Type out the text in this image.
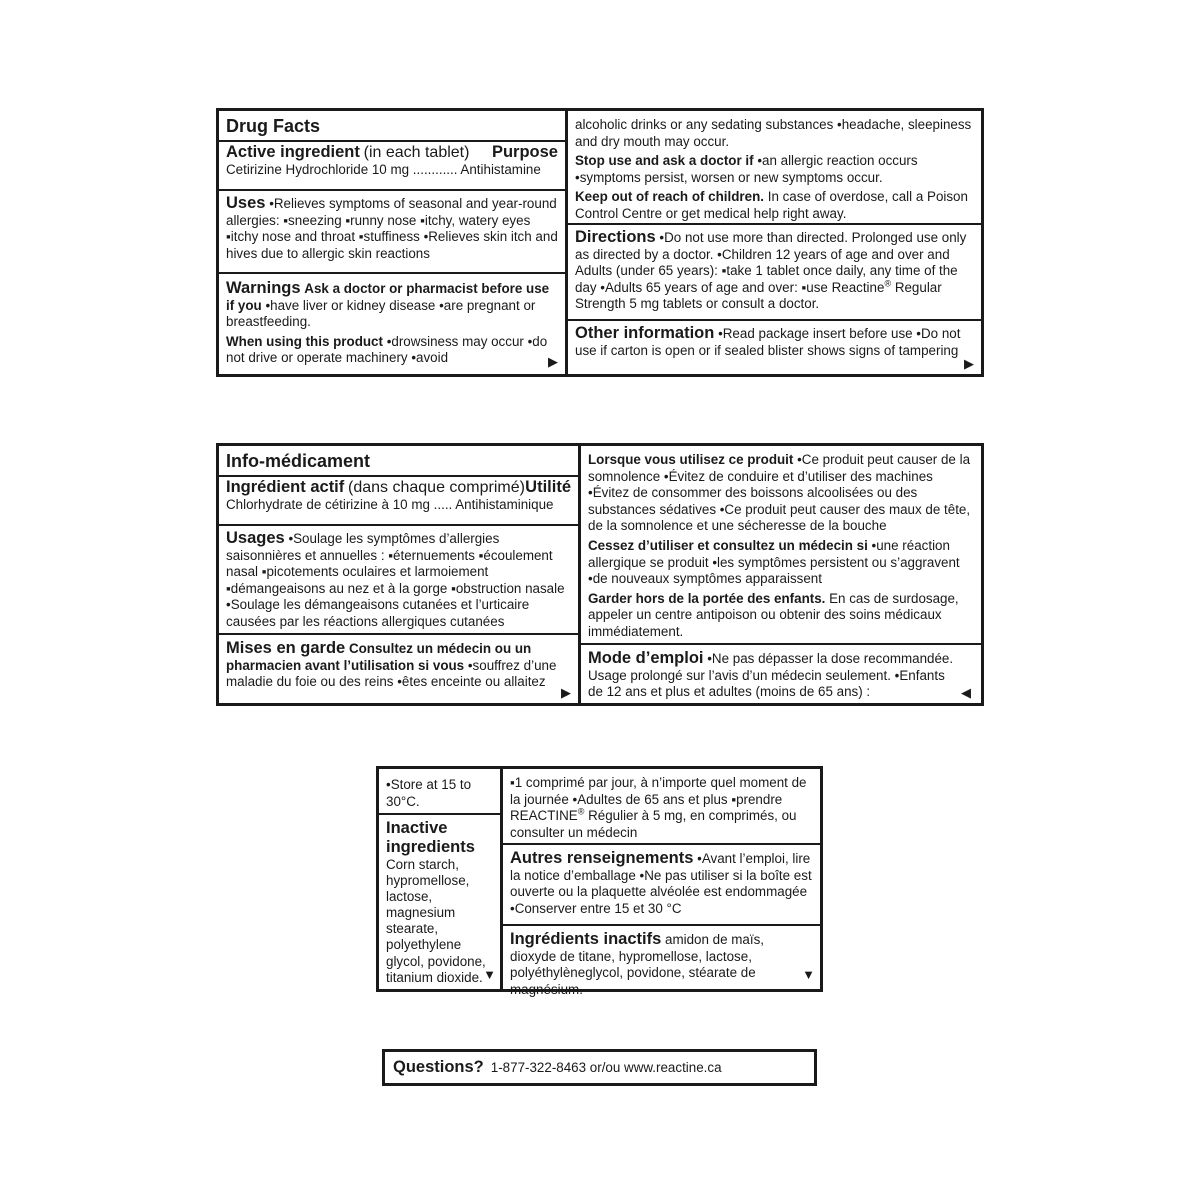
Drug Facts
Active ingredient (in each tablet) Purpose

Cetirizine Hydrochloride 10 mg ............ Antihistamine

Uses •Relieves symptoms of seasonal and year-round allergies: ▪sneezing ▪runny nose ▪itchy, watery eyes ▪itchy nose and throat ▪stuffiness •Relieves skin itch and hives due to allergic skin reactions

Warnings Ask a doctor or pharmacist before use if you •have liver or kidney disease •are pregnant or breastfeeding.

When using this product •drowsiness may occur •do not drive or operate machinery •avoid	▶

alcoholic drinks or any sedating substances •headache, sleepiness and dry mouth may occur.

Stop use and ask a doctor if •an allergic reaction occurs •symptoms persist, worsen or new symptoms occur.

Keep out of reach of children. In case of overdose, call a Poison Control Centre or get medical help right away.

Directions •Do not use more than directed. Prolonged use only as directed by a doctor. •Children 12 years of age and over and Adults (under 65 years): ▪take 1 tablet once daily, any time of the day •Adults 65 years of age and over: ▪use Reactine® Regular Strength 5 mg tablets or consult a doctor.
Other information •Read package insert before use •Do not use if carton is open or if sealed blister shows signs of tampering
▶
Info-médicament
Ingrédient actif (dans chaque comprimé) Utilité

Chlorhydrate de cétirizine à 10 mg ..... Antihistaminique

Usages •Soulage les symptômes d’allergies saisonnières et annuelles : ▪éternuements ▪écoulement nasal ▪picotements oculaires et larmoiement ▪démangeaisons au nez et à la gorge ▪obstruction nasale •Soulage les démangeaisons cutanées et l’urticaire causées par les réactions allergiques cutanées
Mises en garde Consultez un médecin ou un pharmacien avant l’utilisation si vous •souffrez d’une maladie du foie ou des reins •êtes enceinte ou allaitez
▶

Lorsque vous utilisez ce produit •Ce produit peut causer de la somnolence •Évitez de conduire et d’utiliser des machines •Évitez de consommer des boissons alcoolisées ou des substances sédatives •Ce produit peut causer des maux de tête, de la somnolence et une sécheresse de la bouche

Cessez d’utiliser et consultez un médecin si •une réaction allergique se produit •les symptômes persistent ou s’aggravent •de nouveaux symptômes apparaissent

Garder hors de la portée des enfants. En cas de surdosage, appeler un centre antipoison ou obtenir des soins médicaux immédiatement.

Mode d’emploi •Ne pas dépasser la dose recommandée. Usage prolongé sur l’avis d’un médecin seulement. •Enfants de 12 ans et plus et adultes (moins de 65 ans) :	◀
•Store at 15 to 30°C.

Inactive ingredients

Corn starch, hypromellose, lactose, magnesium stearate, polyethylene glycol, povidone, titanium dioxide. ▼
▪1 comprimé par jour, à n’importe quel moment de la journée •Adultes de 65 ans et plus ▪prendre REACTINE® Régulier à 5 mg, en comprimés, ou consulter un médecin
Autres renseignements •Avant l’emploi, lire la notice d’emballage •Ne pas utiliser si la boîte est ouverte ou la plaquette alvéolée est endommagée •Conserver entre 15 et 30 °C
Ingrédients inactifs amidon de maïs, dioxyde de titane, hypromellose, lactose, polyéthylèneglycol, povidone, stéarate de magnésium.
▼
Questions? 1-877-322-8463 or/ou www.reactine.ca
